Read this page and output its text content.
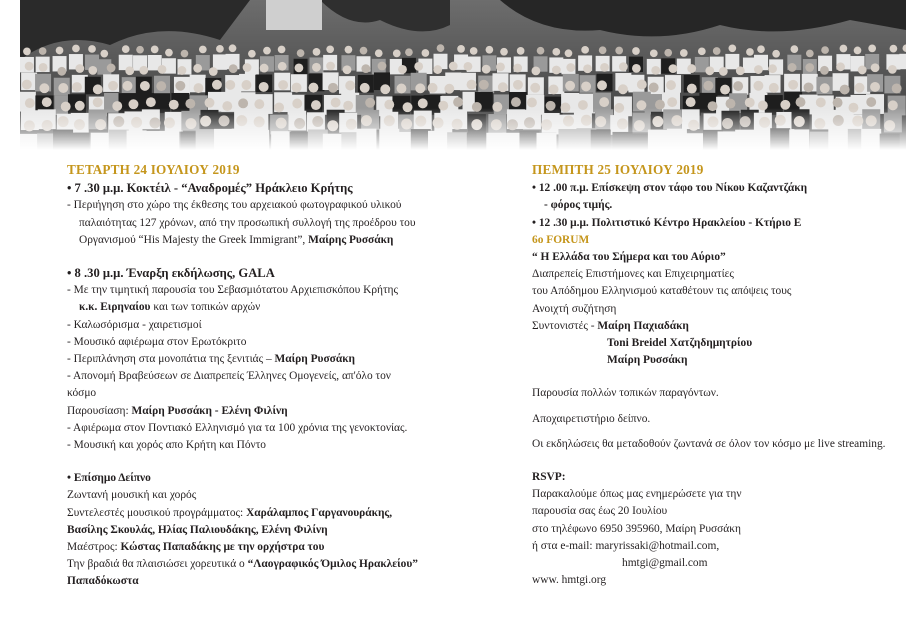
ΤΕΤΑΡΤΗ 24 ΙΟΥΛΙΟΥ 2019

• 7 .30 μ.μ. Κοκτέιλ - “Αναδρομές” Ηράκλειο Κρήτης

- Περιήγηση στο χώρο της έκθεσης του αρχειακού φωτογραφικού υλικού

παλαιότητας 127 χρόνων, από την προσωπική συλλογή της προέδρου του

Οργανισμού “His Majesty the Greek Immigrant”, Μαίρης Ρυσσάκη

• 8 .30 μ.μ. Έναρξη εκδήλωσης, GALA

- Με την τιμητική παρουσία του Σεβασμιότατου Αρχιεπισκόπου Κρήτης

κ.κ. Ειρηναίου και των τοπικών αρχών

- Καλωσόρισμα - χαιρετισμοί

- Μουσικό αφιέρωμα στον Ερωτόκριτο

- Περιπλάνηση στα μονοπάτια της ξενιτιάς – Μαίρη Ρυσσάκη

- Απονομή Βραβεύσεων σε Διαπρεπείς Έλληνες Ομογενείς, απ'όλο τον

κόσμο

Παρουσίαση: Μαίρη Ρυσσάκη - Ελένη Φιλίνη

- Αφιέρωμα στον Ποντιακό Ελληνισμό για τα 100 χρόνια της γενοκτονίας.

- Μουσική και χορός απο Κρήτη και Πόντο

• Επίσημο Δείπνο

Ζωντανή μουσική και χορός

Συντελεστές μουσικού προγράμματος: Χαράλαμπος Γαργανουράκης,

Βασίλης Σκουλάς, Ηλίας Παλιουδάκης, Ελένη Φιλίνη

Μαέστρος: Κώστας Παπαδάκης με την ορχήστρα του

Την βραδιά θα πλαισιώσει χορευτικά ο “Λαογραφικός Όμιλος Ηρακλείου”

Παπαδόκωστα

ΠΕΜΠΤΗ 25 ΙΟΥΛΙΟΥ 2019

• 12 .00 π.μ. Επίσκεψη στον τάφο του Νίκου Καζαντζάκη

- φόρος τιμής.

• 12 .30 μ.μ. Πολιτιστικό Κέντρο Ηρακλείου - Κτήριο Ε

6ο FORUM

“ Η Ελλάδα του Σήμερα και του Αύριο”

Διαπρεπείς Επιστήμονες και Επιχειρηματίες

του Απόδημου Ελληνισμού καταθέτουν τις απόψεις τους

Ανοιχτή συζήτηση

Συντονιστές - Μαίρη Παχιαδάκη

Toni Breidel Χατζηδημητρίου

Μαίρη Ρυσσάκη

Παρουσία πολλών τοπικών παραγόντων.

Αποχαιρετιστήριο δείπνο.

Οι εκδηλώσεις θα μεταδοθούν ζωντανά σε όλον τον κόσμο με live streaming.

RSVP:

Παρακαλούμε όπως μας ενημερώσετε για την

παρουσία σας έως 20 Ιουλίου

στο τηλέφωνο 6950 395960, Μαίρη Ρυσσάκη

ή στα e-mail: maryrissaki@hotmail.com,

hmtgi@gmail.com

www. hmtgi.org
